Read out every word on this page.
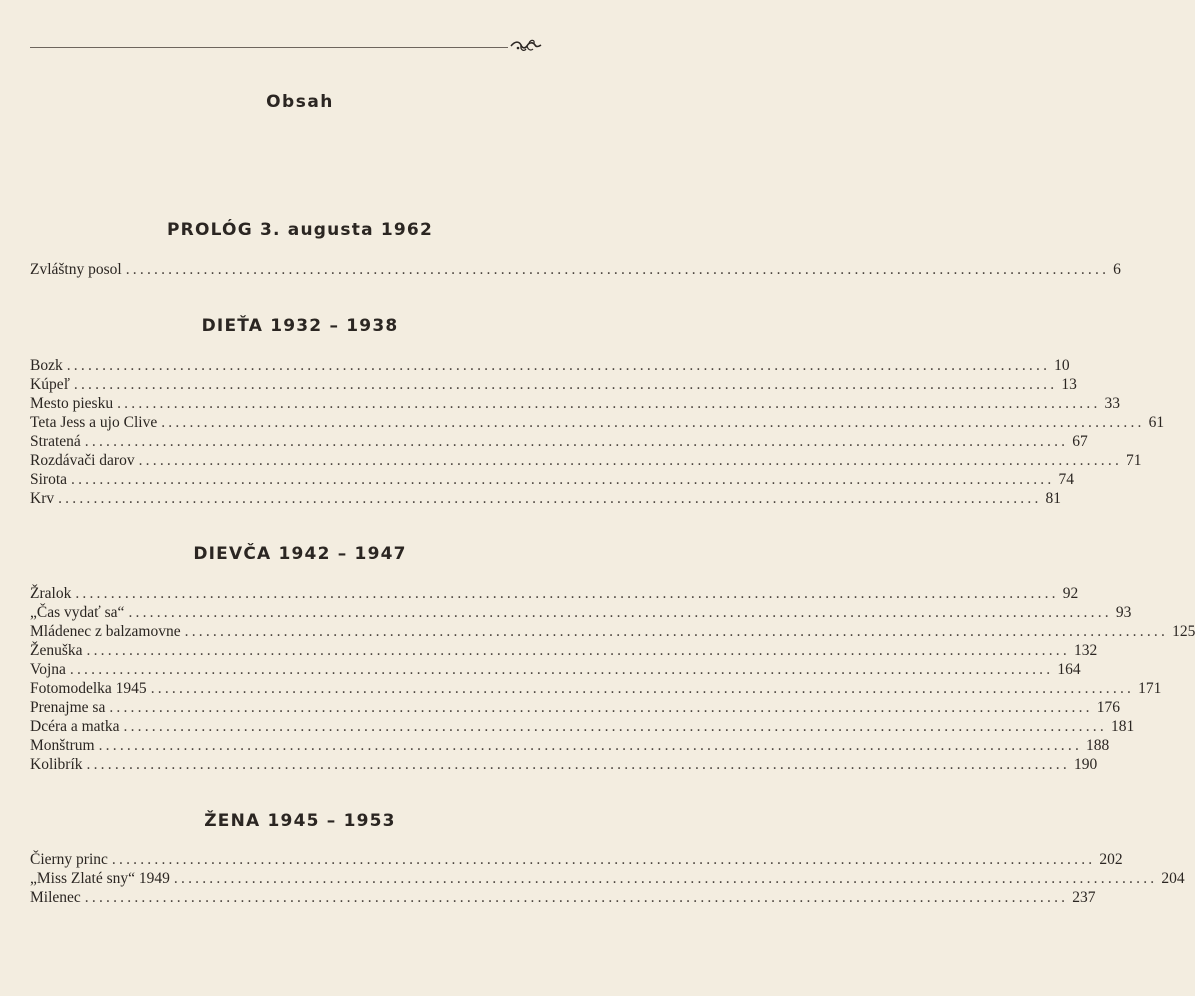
Obsah
PROLÓG 3. augusta 1962
Zvláštny posol ........................................................................................................................................... 6
DIEŤA 1932 – 1938
Bozk ........................................................................................................................................... 10
Kúpeľ ........................................................................................................................................... 13
Mesto piesku ........................................................................................................................................... 33
Teta Jess a ujo Clive ........................................................................................................................................... 61
Stratená ........................................................................................................................................... 67
Rozdávači darov ........................................................................................................................................... 71
Sirota ........................................................................................................................................... 74
Krv ........................................................................................................................................... 81
DIEVČA 1942 – 1947
Žralok ........................................................................................................................................... 92
„Čas vydať sa“ ........................................................................................................................................... 93
Mládenec z balzamovne ........................................................................................................................................... 125
Ženuška ........................................................................................................................................... 132
Vojna ........................................................................................................................................... 164
Fotomodelka 1945 ........................................................................................................................................... 171
Prenajme sa ........................................................................................................................................... 176
Dcéra a matka ........................................................................................................................................... 181
Monštrum ........................................................................................................................................... 188
Kolibrík ........................................................................................................................................... 190
ŽENA 1945 – 1953
Čierny princ ........................................................................................................................................... 202
„Miss Zlaté sny“ 1949 ........................................................................................................................................... 204
Milenec ........................................................................................................................................... 237
